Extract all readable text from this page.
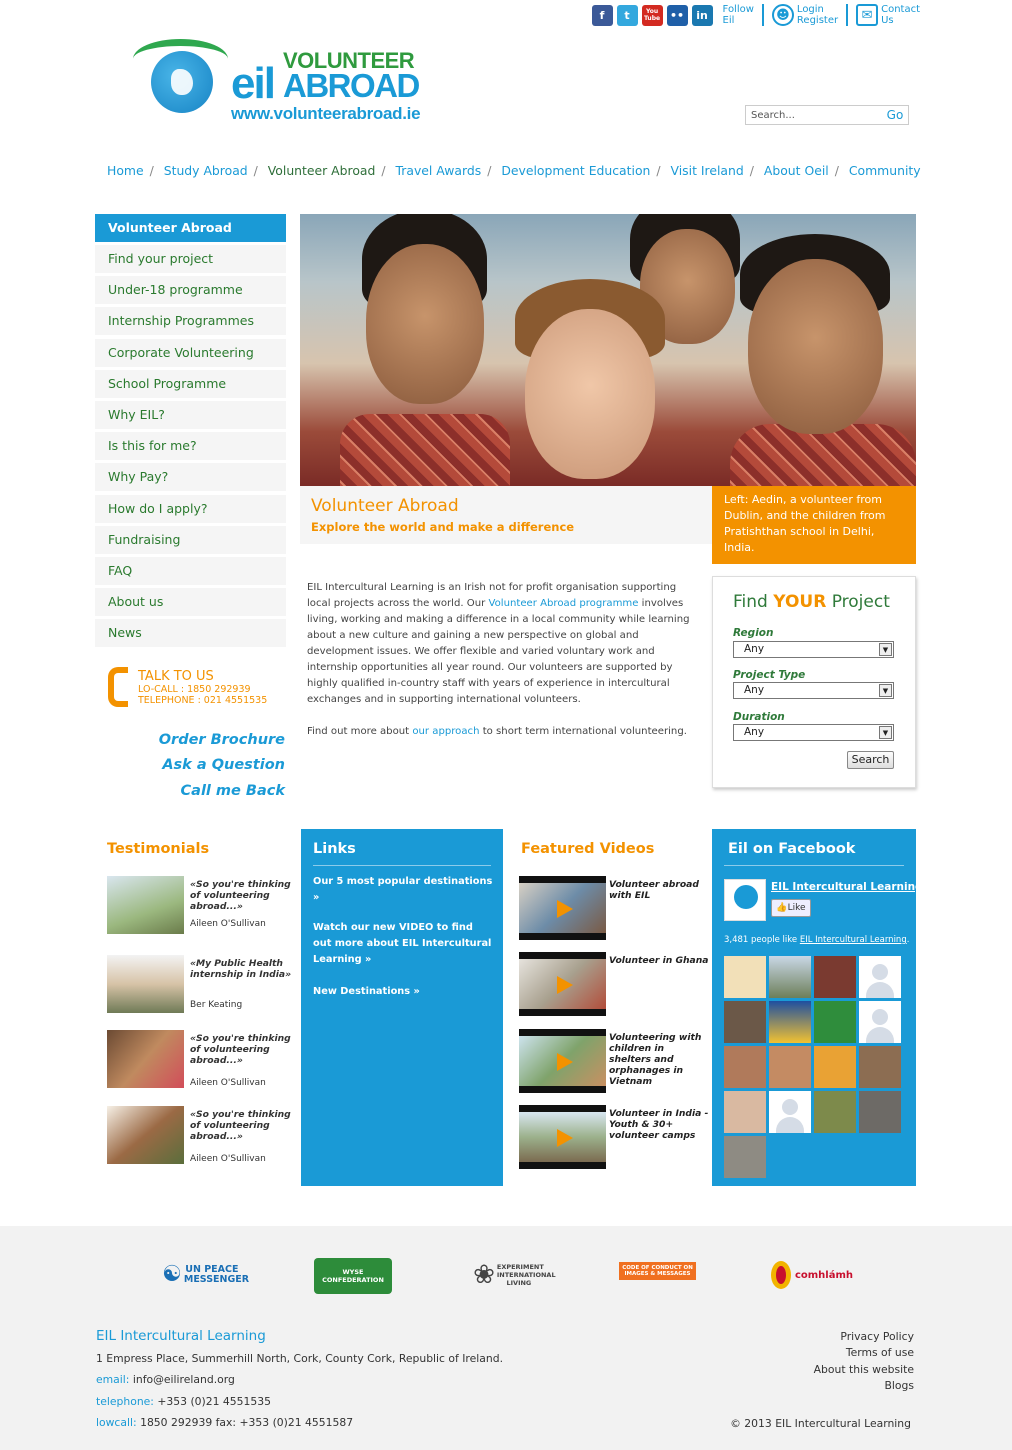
f	t	You Tube ••	in	Follow
Eil	☻ Login
Register	✉ Contact
Us
eil VOLUNTEER
ABROAD
www.volunteerabroad.ie
Search...	Go
Home / Study Abroad / Volunteer Abroad / Travel Awards / Development Education / Visit Ireland / About Oeil / Community
Volunteer Abroad
Find your project
Under-18 programme
Internship Programmes
Corporate Volunteering
School Programme
Why EIL?
Is this for me?
Why Pay?
How do I apply?
Fundraising
FAQ
About us
News
TALK TO US
LO-CALL : 1850 292939
TELEPHONE : 021 4551535
Order Brochure
Ask a Question
Call me Back
Volunteer Abroad
Explore the world and make a difference
Left: Aedin, a volunteer from Dublin, and the children from Pratishthan school in Delhi, India.

EIL Intercultural Learning is an Irish not for profit organisation supporting local projects across the world. Our Volunteer Abroad programme involves living, working and making a difference in a local community while learning about a new culture and gaining a new perspective on global and development issues. We offer flexible and varied voluntary work and internship opportunities all year round. Our volunteers are supported by highly qualified in-country staff with years of experience in intercultural exchanges and in supporting international volunteers.

Find out more about our approach to short term international volunteering.

Find YOUR Project
Region
Any	▼
Project Type
Any	▼
Duration
Any	▼
Search
Testimonials
«So you're thinking of volunteering abroad...»
Aileen O'Sullivan
«My Public Health internship in India»
Ber Keating
«So you're thinking of volunteering abroad...»
Aileen O'Sullivan
«So you're thinking of volunteering abroad...»
Aileen O'Sullivan
Links
Our 5 most popular destinations »
Watch our new VIDEO to find out more about EIL Intercultural Learning »
New Destinations »
Featured Videos
Volunteer abroad with EIL
Volunteer in Ghana
Volunteering with children in shelters and orphanages in Vietnam
Volunteer in India - Youth & 30+ volunteer camps
Eil on Facebook
EIL Intercultural Learning
👍Like
3,481 people like EIL Intercultural Learning.
☯ UN PEACE MESSENGER
WYSE CONFEDERATION	❀ EXPERIMENT INTERNATIONAL LIVING
CODE OF CONDUCT ON IMAGES & MESSAGES	comhlámh
EIL Intercultural Learning
1 Empress Place, Summerhill North, Cork, County Cork, Republic of Ireland.
email: info@eilireland.org
telephone: +353 (0)21 4551535
lowcall: 1850 292939 fax: +353 (0)21 4551587
Privacy Policy
Terms of use
About this website
Blogs
© 2013 EIL Intercultural Learning
